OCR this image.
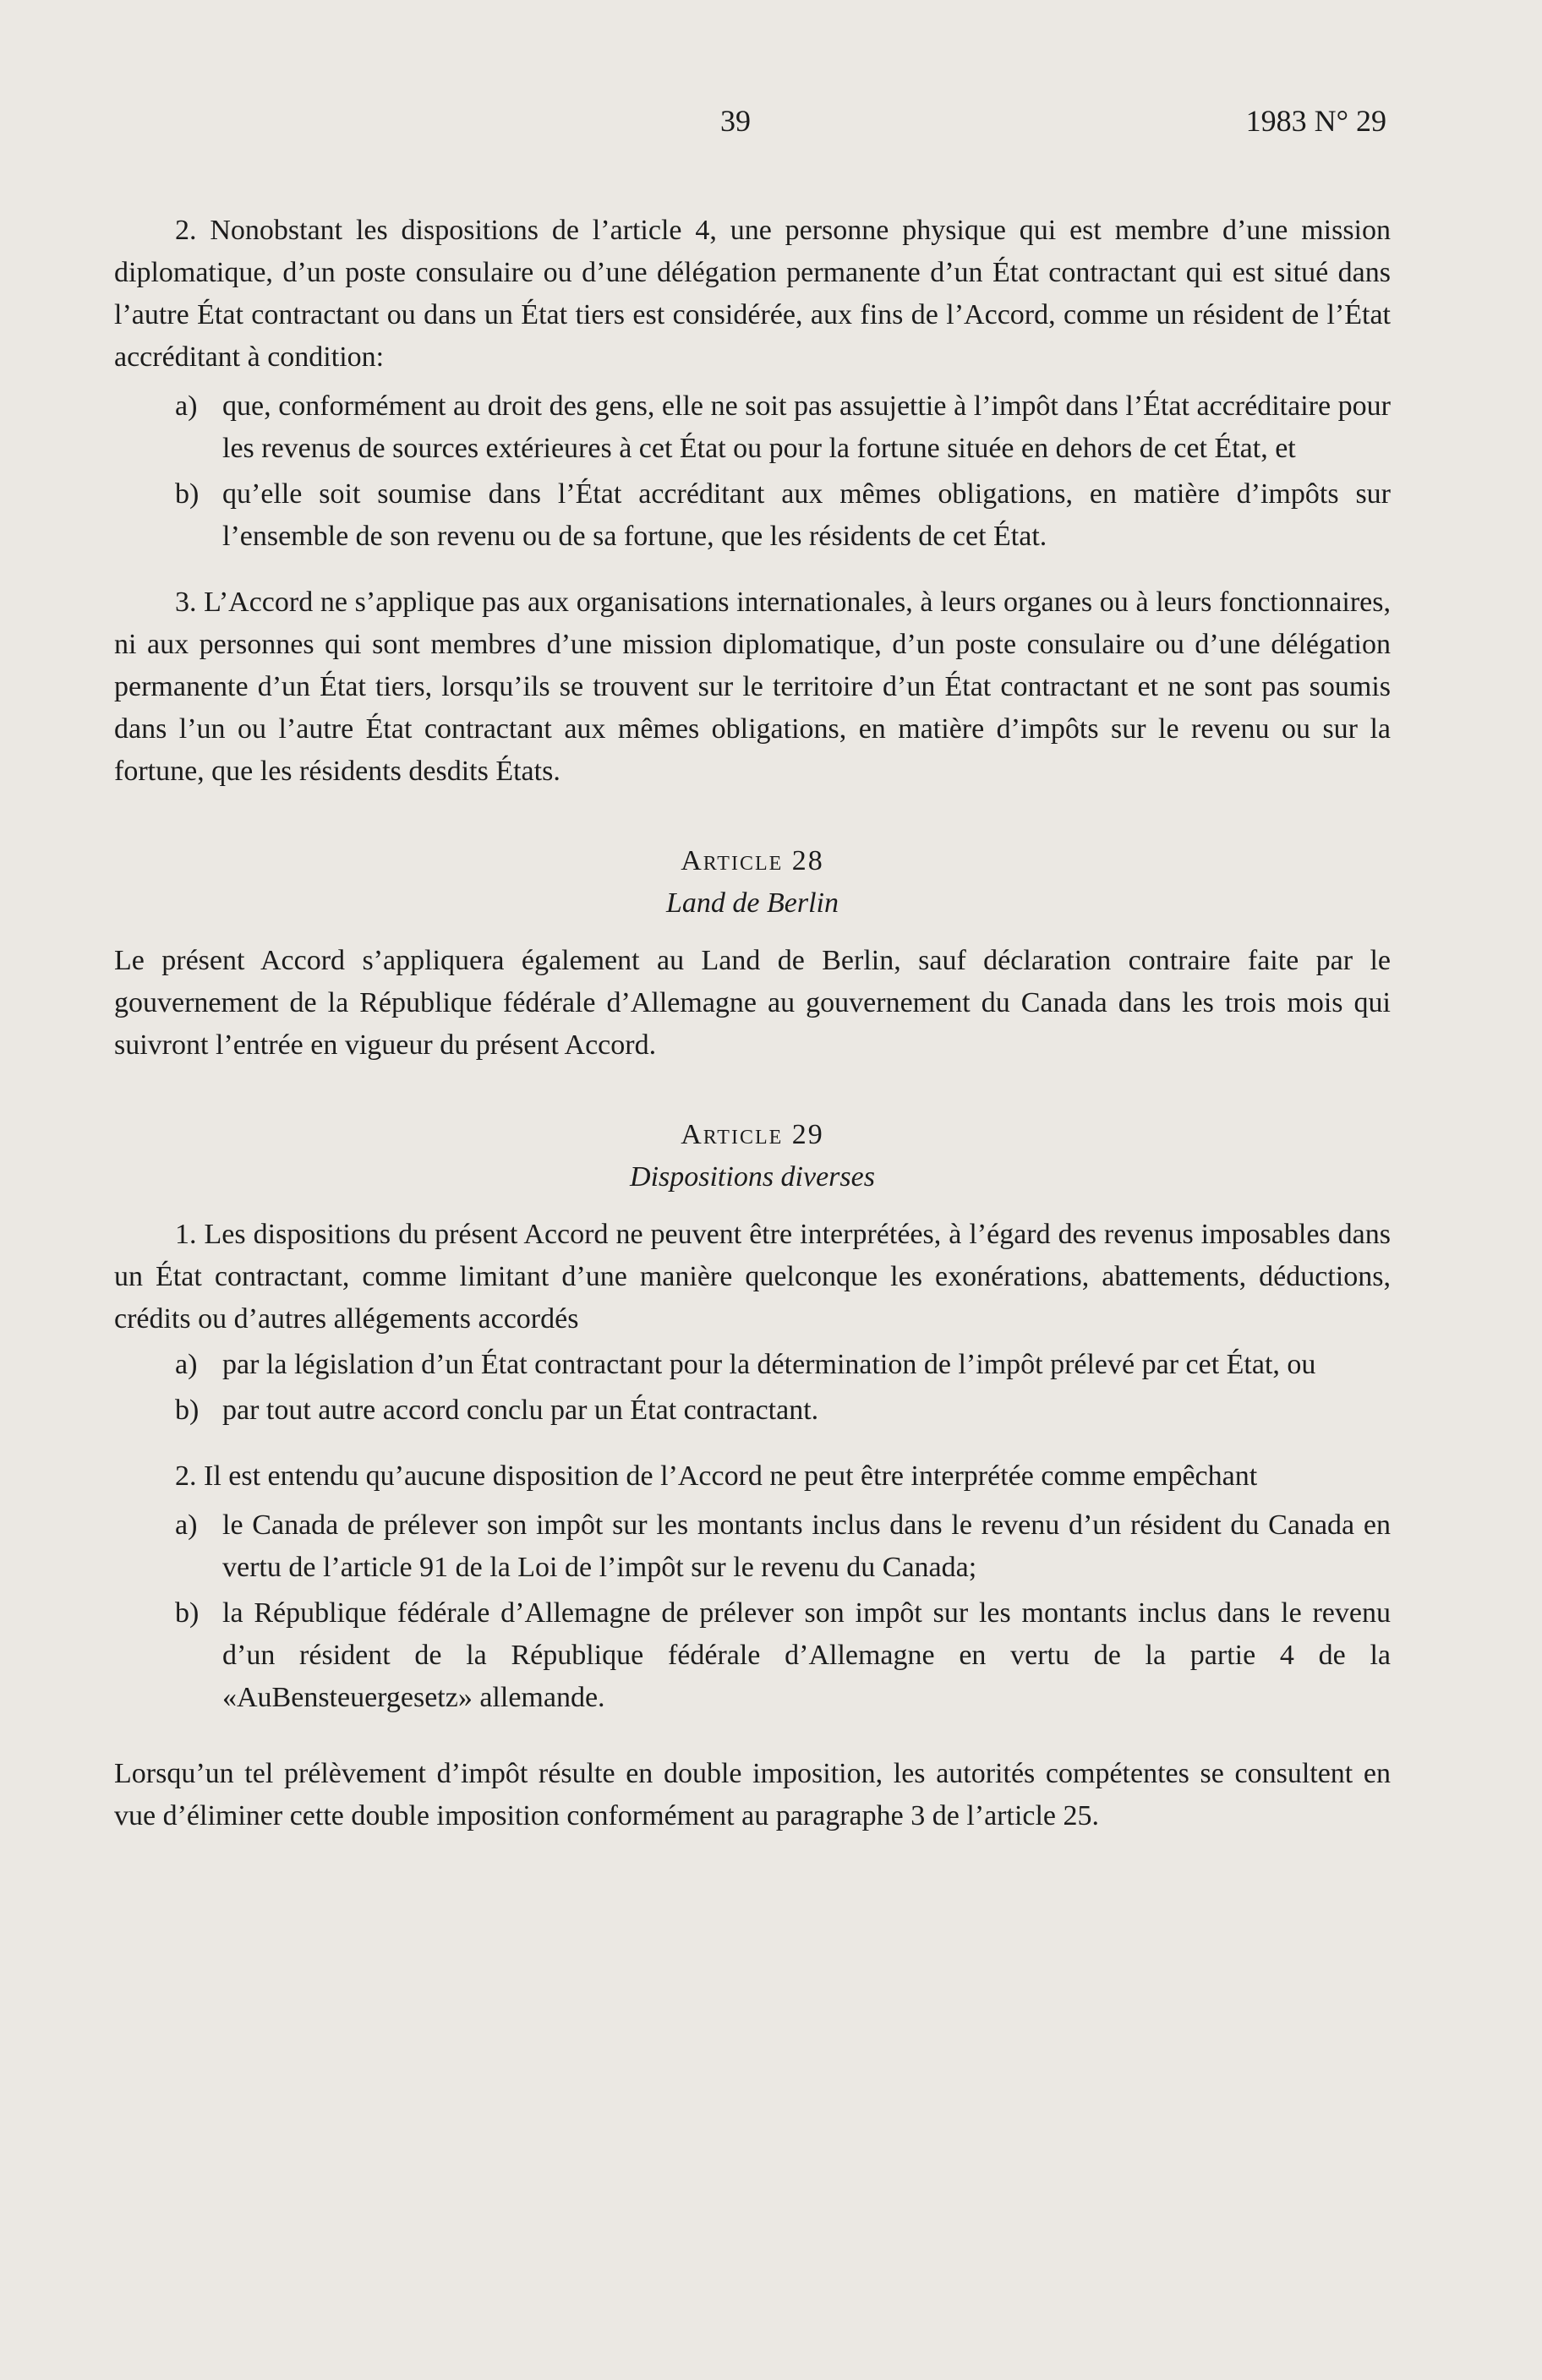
39	1983 N° 29

2. Nonobstant les dispositions de l’article 4, une personne physique qui est membre d’une mission diplomatique, d’un poste consulaire ou d’une délégation permanente d’un État contractant qui est situé dans l’autre État contractant ou dans un État tiers est considérée, aux fins de l’Accord, comme un résident de l’État accréditant à condition:

a) que, conformément au droit des gens, elle ne soit pas assujettie à l’impôt dans l’État accréditaire pour les revenus de sources extérieures à cet État ou pour la fortune située en dehors de cet État, et
b) qu’elle soit soumise dans l’État accréditant aux mêmes obligations, en matière d’impôts sur l’ensemble de son revenu ou de sa fortune, que les résidents de cet État.

3. L’Accord ne s’applique pas aux organisations internationales, à leurs organes ou à leurs fonctionnaires, ni aux personnes qui sont membres d’une mission diplomatique, d’un poste consulaire ou d’une délégation permanente d’un État tiers, lorsqu’ils se trouvent sur le territoire d’un État contractant et ne sont pas soumis dans l’un ou l’autre État contractant aux mêmes obligations, en matière d’impôts sur le revenu ou sur la fortune, que les résidents desdits États.

Article 28
Land de Berlin

Le présent Accord s’appliquera également au Land de Berlin, sauf déclaration contraire faite par le gouvernement de la République fédérale d’Allemagne au gouvernement du Canada dans les trois mois qui suivront l’entrée en vigueur du présent Accord.

Article 29
Dispositions diverses

1. Les dispositions du présent Accord ne peuvent être interprétées, à l’égard des revenus imposables dans un État contractant, comme limitant d’une manière quelconque les exonérations, abattements, déductions, crédits ou d’autres allégements accordés

a) par la législation d’un État contractant pour la détermination de l’impôt prélevé par cet État, ou
b) par tout autre accord conclu par un État contractant.

2. Il est entendu qu’aucune disposition de l’Accord ne peut être interprétée comme empêchant

a) le Canada de prélever son impôt sur les montants inclus dans le revenu d’un résident du Canada en vertu de l’article 91 de la Loi de l’impôt sur le revenu du Canada;
b) la République fédérale d’Allemagne de prélever son impôt sur les montants inclus dans le revenu d’un résident de la République fédérale d’Allemagne en vertu de la partie 4 de la «AuBensteuergesetz» allemande.

Lorsqu’un tel prélèvement d’impôt résulte en double imposition, les autorités compétentes se consultent en vue d’éliminer cette double imposition conformément au paragraphe 3 de l’article 25.
